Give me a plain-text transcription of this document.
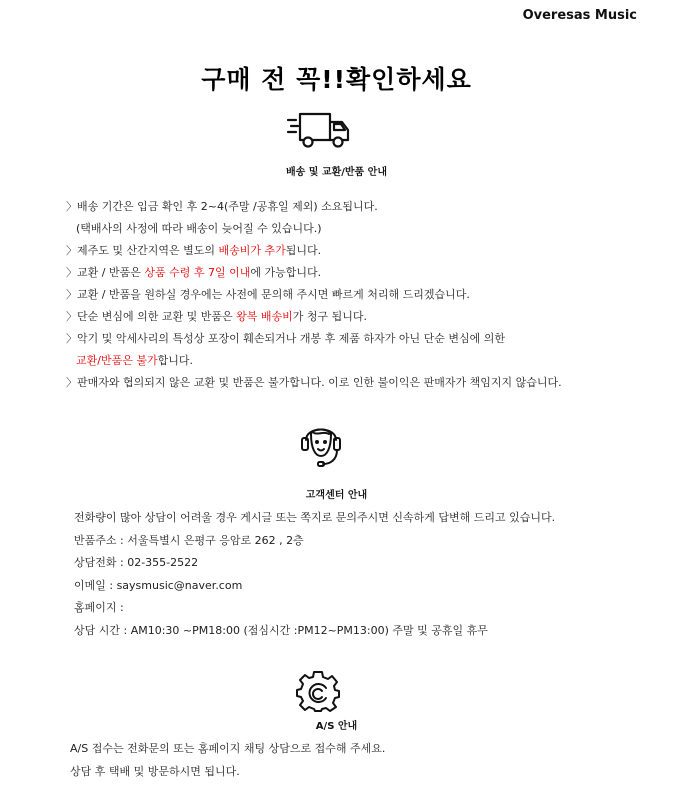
Overesas Music
구매 전 꼭!!확인하세요
배송 및 교환/반품 안내
〉배송 기간은 입금 확인 후 2~4(주말 /공휴일 제외) 소요됩니다.
(택배사의 사정에 따라 배송이 늦어질 수 있습니다.)
〉제주도 및 산간지역은 별도의 배송비가 추가됩니다.
〉교환 / 반품은 상품 수령 후 7일 이내에 가능합니다.
〉교환 / 반품을 원하실 경우에는 사전에 문의해 주시면 빠르게 처리해 드리겠습니다.
〉단순 변심에 의한 교환 및 반품은 왕복 배송비가 청구 됩니다.
〉악기 및 악세사리의 특성상 포장이 훼손되거나 개봉 후 제품 하자가 아닌 단순 변심에 의한
교환/반품은 불가합니다.
〉판매자와 협의되지 않은 교환 및 반품은 불가합니다. 이로 인한 불이익은 판매자가 책임지지 않습니다.
고객센터 안내
전화량이 많아 상담이 어려울 경우 게시글 또는 쪽지로 문의주시면 신속하게 답변해 드리고 있습니다.
반품주소 : 서울특별시 은평구 응암로 262 , 2층
상담전화 : 02-355-2522
이메일 : saysmusic@naver.com
홈페이지 :
상담 시간 : AM10:30 ~PM18:00 (점심시간 :PM12~PM13:00) 주말 및 공휴일 휴무
A/S 안내
A/S 접수는 전화문의 또는 홈페이지 채팅 상담으로 접수해 주세요.
상담 후 택배 및 방문하시면 됩니다.
